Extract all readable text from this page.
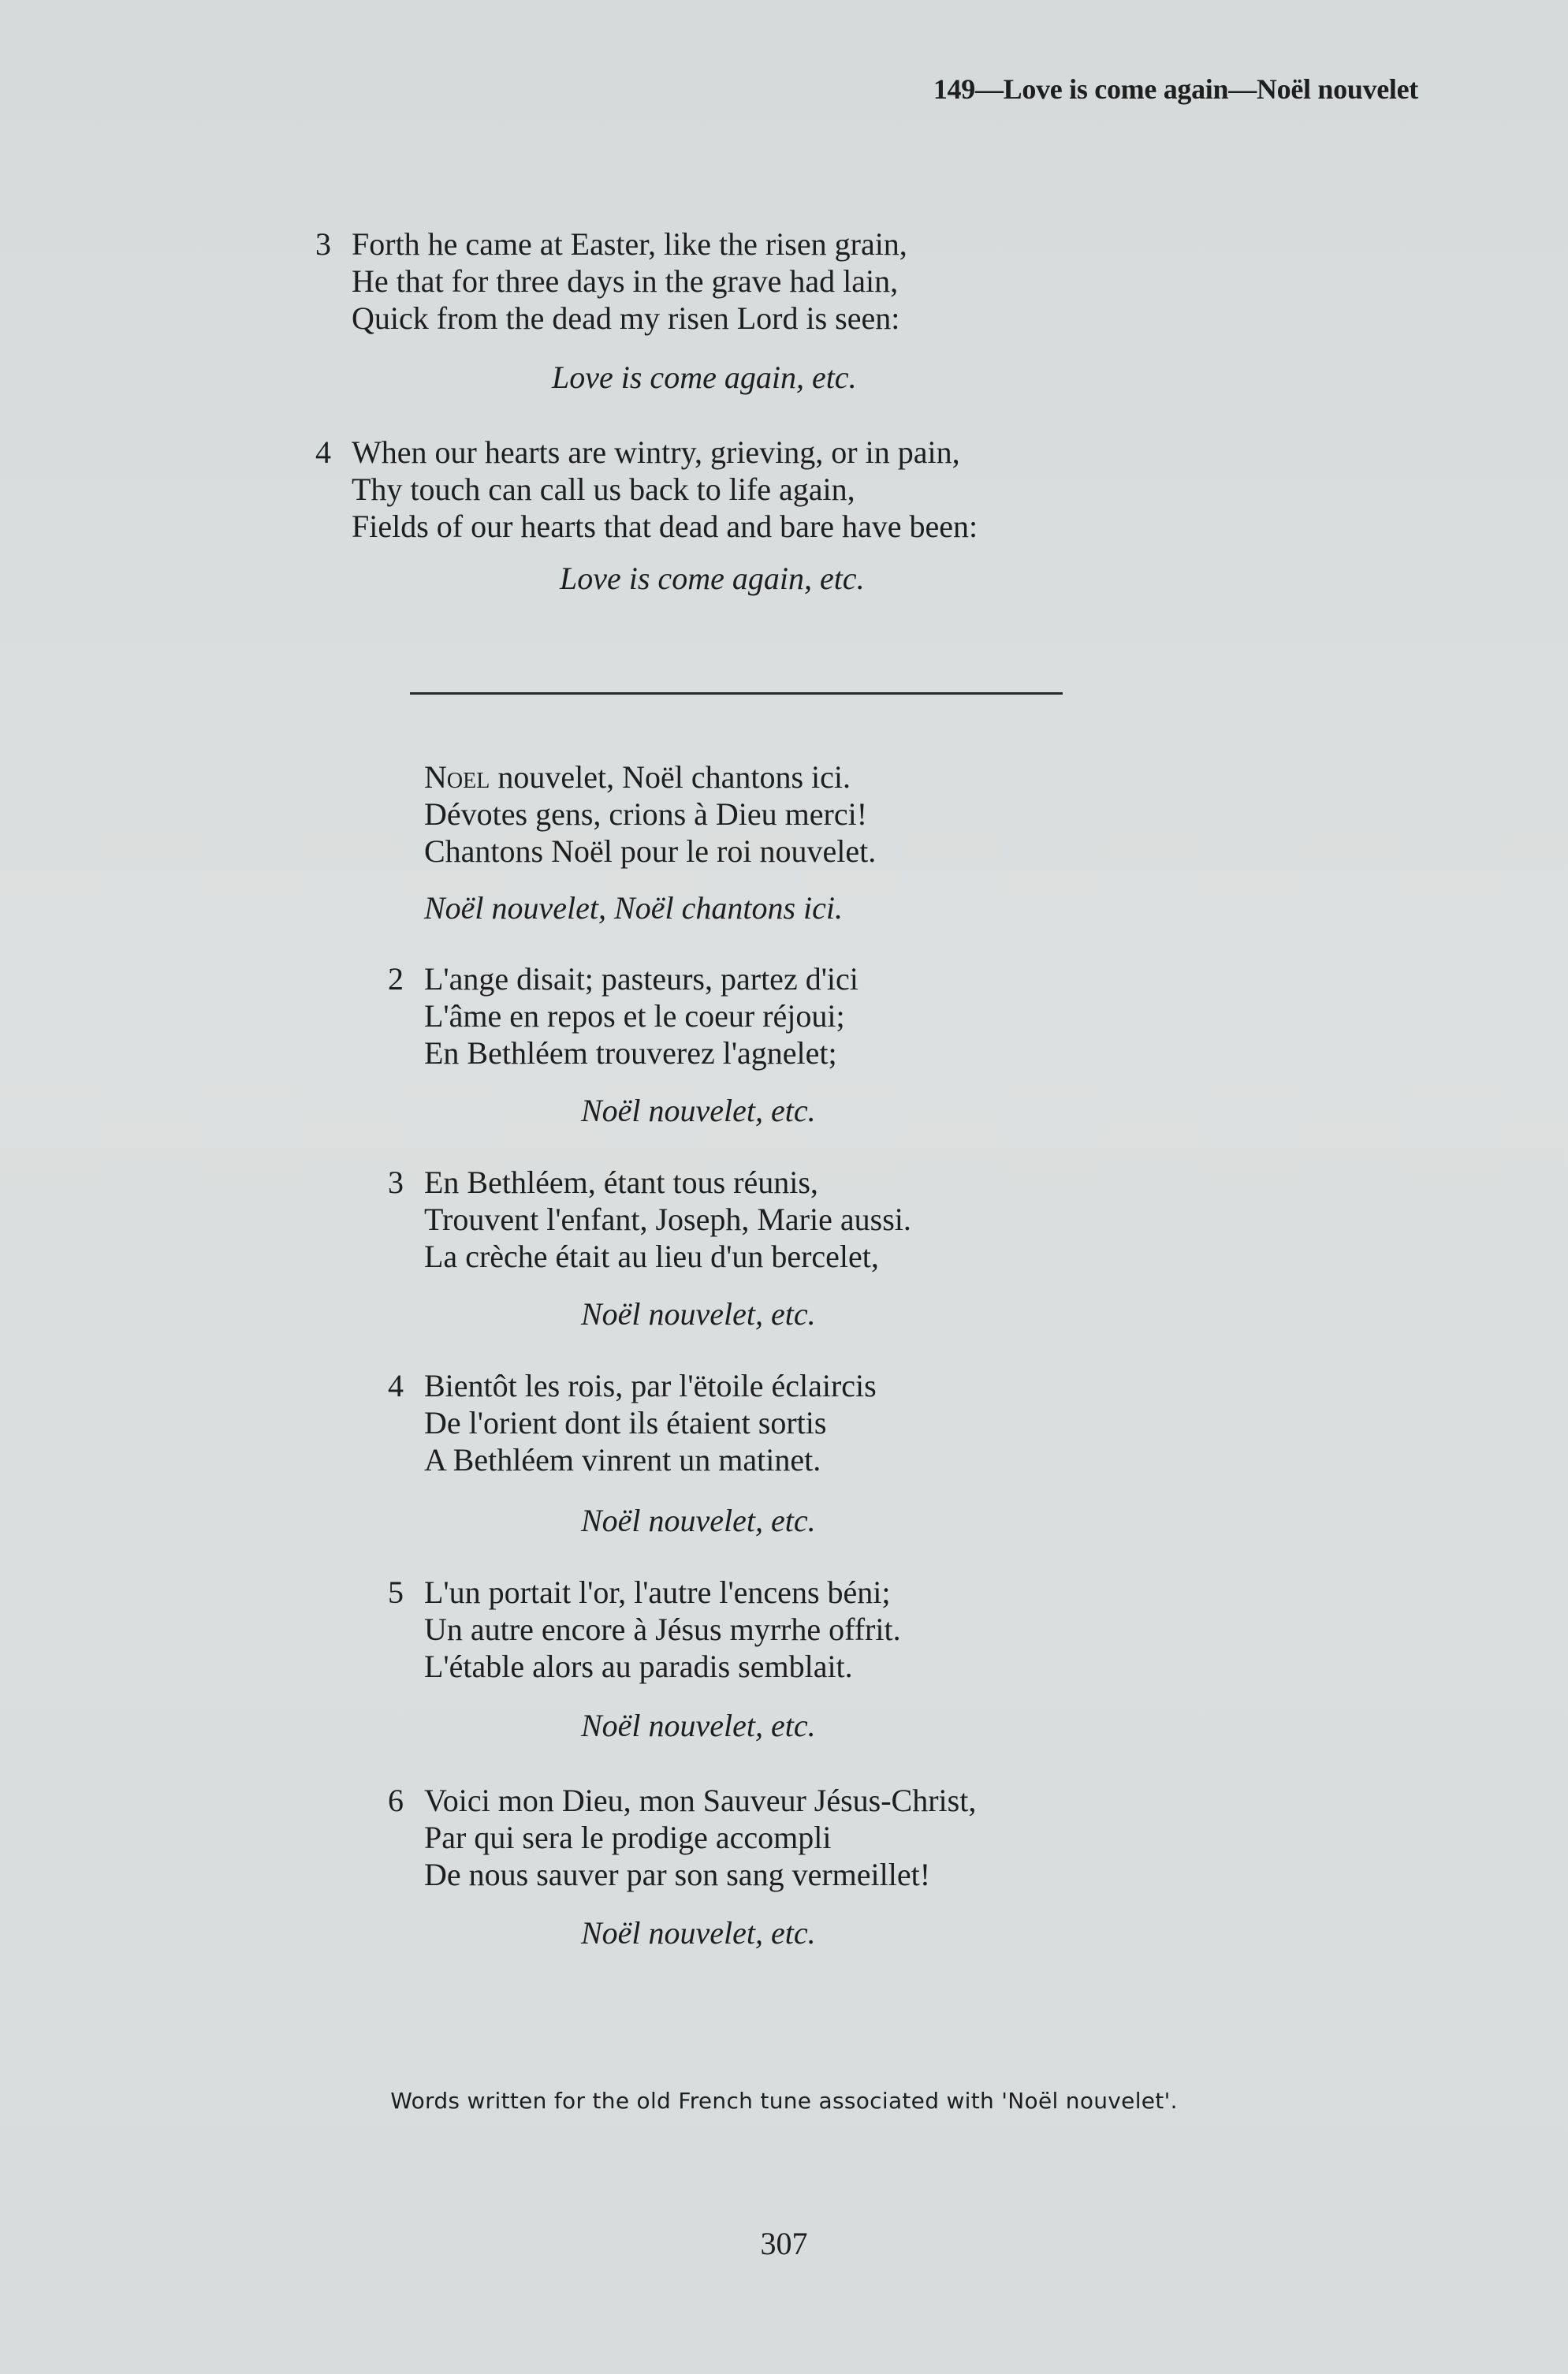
149—Love is come again—Noël nouvelet
3 Forth he came at Easter, like the risen grain,
He that for three days in the grave had lain,
Quick from the dead my risen Lord is seen:
Love is come again, etc.
4 When our hearts are wintry, grieving, or in pain,
Thy touch can call us back to life again,
Fields of our hearts that dead and bare have been:
Love is come again, etc.
Noel nouvelet, Noël chantons ici.
Dévotes gens, crions à Dieu merci!
Chantons Noël pour le roi nouvelet.
Noël nouvelet, Noël chantons ici.
2 L'ange disait; pasteurs, partez d'ici
L'âme en repos et le coeur réjoui;
En Bethléem trouverez l'agnelet;
Noël nouvelet, etc.
3 En Bethléem, étant tous réunis,
Trouvent l'enfant, Joseph, Marie aussi.
La crèche était au lieu d'un bercelet,
Noël nouvelet, etc.
4 Bientôt les rois, par l'ëtoile éclaircis
De l'orient dont ils étaient sortis
A Bethléem vinrent un matinet.
Noël nouvelet, etc.
5 L'un portait l'or, l'autre l'encens béni;
Un autre encore à Jésus myrrhe offrit.
L'étable alors au paradis semblait.
Noël nouvelet, etc.
6 Voici mon Dieu, mon Sauveur Jésus-Christ,
Par qui sera le prodige accompli
De nous sauver par son sang vermeillet!
Noël nouvelet, etc.
Words written for the old French tune associated with 'Noël nouvelet'.
307
